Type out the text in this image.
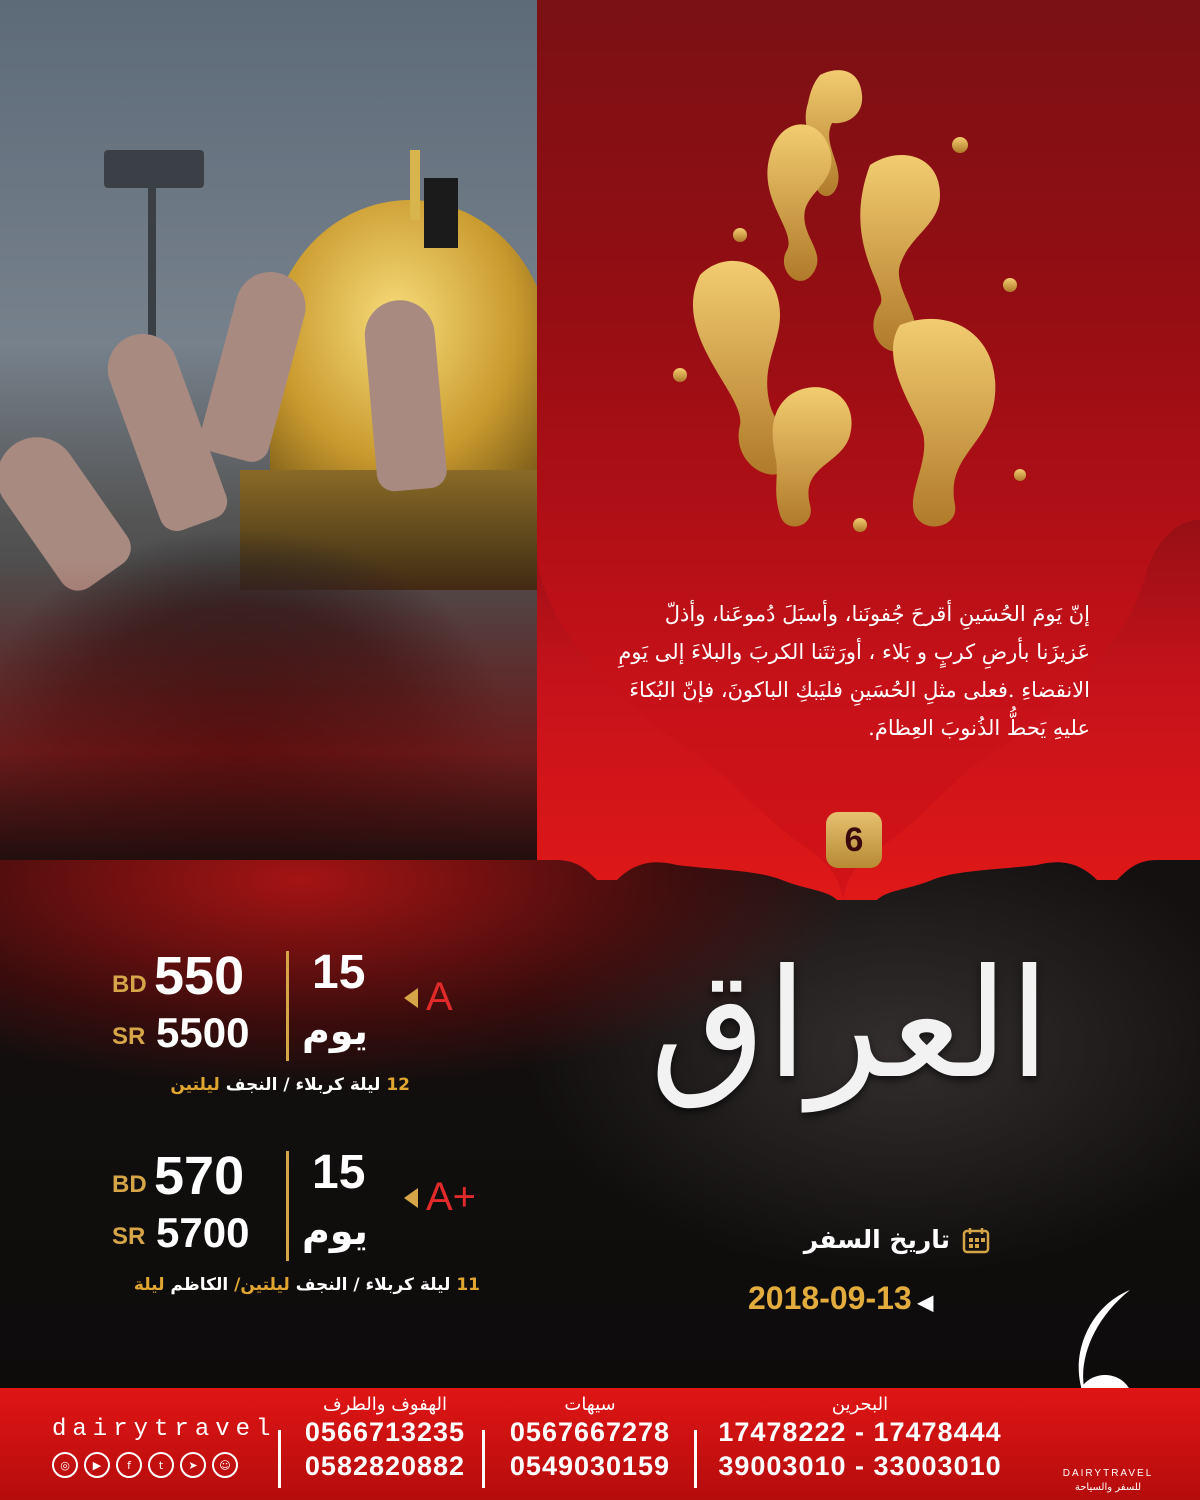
إنّ يَومَ الحُسَينِ أقرحَ جُفونَنا، وأسبَلَ دُموعَنا، وأذلّ عَزيزَنا بأرضِ كربٍ و بَلاء ، أورَثتَنا الكربَ والبلاءَ إلى يَومِ الانقضاءِ .فعلى مثلِ الحُسَينِ فليَبكِ الباكونَ، فإنّ البُكاءَ عليهِ يَحطُّ الذُنوبَ العِظامَ.
6
العراق
تاريخ السفر
2018-09-13 ◀
BD 550
SR 5500
15
يوم
A
12 ليلة كربلاء / النجف ليلتين
BD 570
SR 5700
15
يوم
A+
11 ليلة كربلاء / النجف ليلتين/ الكاظم ليلة
dairytravel
◎	▶	f	t	➤	☺
الهفوف والطرف
0566713235
0582820882
سيهات
0567667278
0549030159
البحرين
17478222 - 17478444
39003010 - 33003010	DAIRYTRAVEL
للسفر والسياحة
